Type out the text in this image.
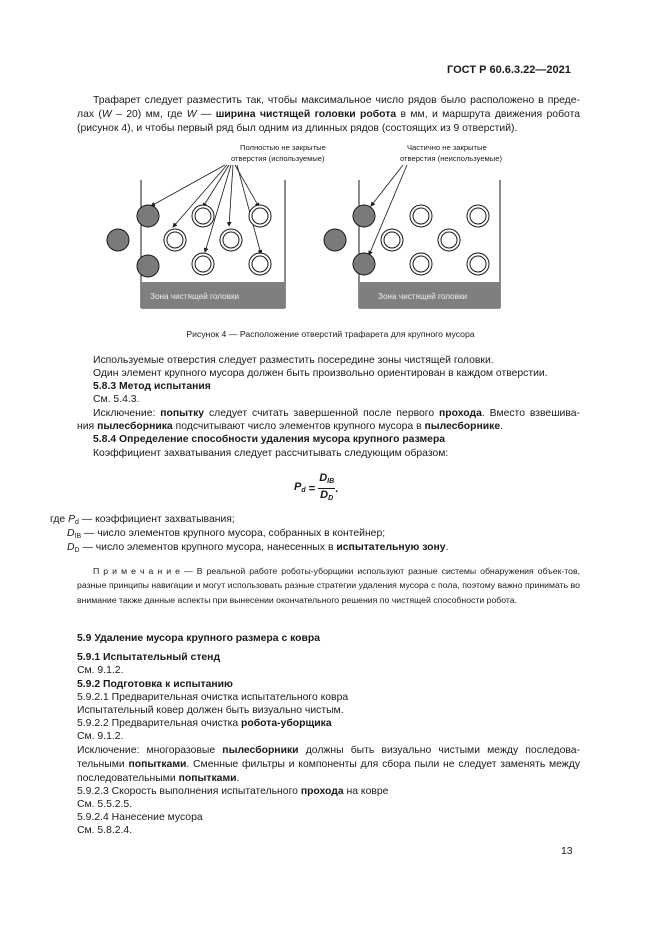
ГОСТ Р 60.6.3.22—2021
Трафарет следует разместить так, чтобы максимальное число рядов было расположено в преде-
лах (W – 20) мм, где W — ширина чистящей головки робота в мм, и маршрута движения робота
(рисунок 4), и чтобы первый ряд был одним из длинных рядов (состоящих из 9 отверстий).
Полностью не закрытые
отверстия (используемые)
Зона чистящей головки
Частично не закрытые
отверстия (неиспользуемые)
Зона чистящей головки
Рисунок 4 — Расположение отверстий трафарета для крупного мусора
Используемые отверстия следует разместить посередине зоны чистящей головки.
Один элемент крупного мусора должен быть произвольно ориентирован в каждом отверстии.
5.8.3 Метод испытания
См. 5.4.3.
Исключение: попытку следует считать завершенной после первого прохода. Вместо взвешива-
ния пылесборника подсчитывают число элементов крупного мусора в пылесборнике.
5.8.4 Определение способности удаления мусора крупного размера
Коэффициент захватывания следует рассчитывать следующим образом:
$P_d$ =
$D_{IB}$
$D_D$
.
где $P_d$ — коэффициент захватывания;
$D_{IB}$ — число элементов крупного мусора, собранных в контейнер;
$D_D$ — число элементов крупного мусора, нанесенных в испытательную зону.
П р и м е ч а н и е — В реальной работе роботы-уборщики используют разные системы обнаружения объек-тов, разные принципы навигации и могут использовать разные стратегии удаления мусора с пола, поэтому важно принимать во внимание также данные аспекты при вынесении окончательного решения по чистящей способности робота.
5.9 Удаление мусора крупного размера с ковра
5.9.1 Испытательный стенд
См. 9.1.2.
5.9.2 Подготовка к испытанию
5.9.2.1 Предварительная очистка испытательного ковра
Испытательный ковер должен быть визуально чистым.
5.9.2.2 Предварительная очистка робота-уборщика
См. 9.1.2.
Исключение: многоразовые пылесборники должны быть визуально чистыми между последова-
тельными попытками. Сменные фильтры и компоненты для сбора пыли не следует заменять между
последовательными попытками.
5.9.2.3 Скорость выполнения испытательного прохода на ковре
См. 5.5.2.5.
5.9.2.4 Нанесение мусора
См. 5.8.2.4.
13
